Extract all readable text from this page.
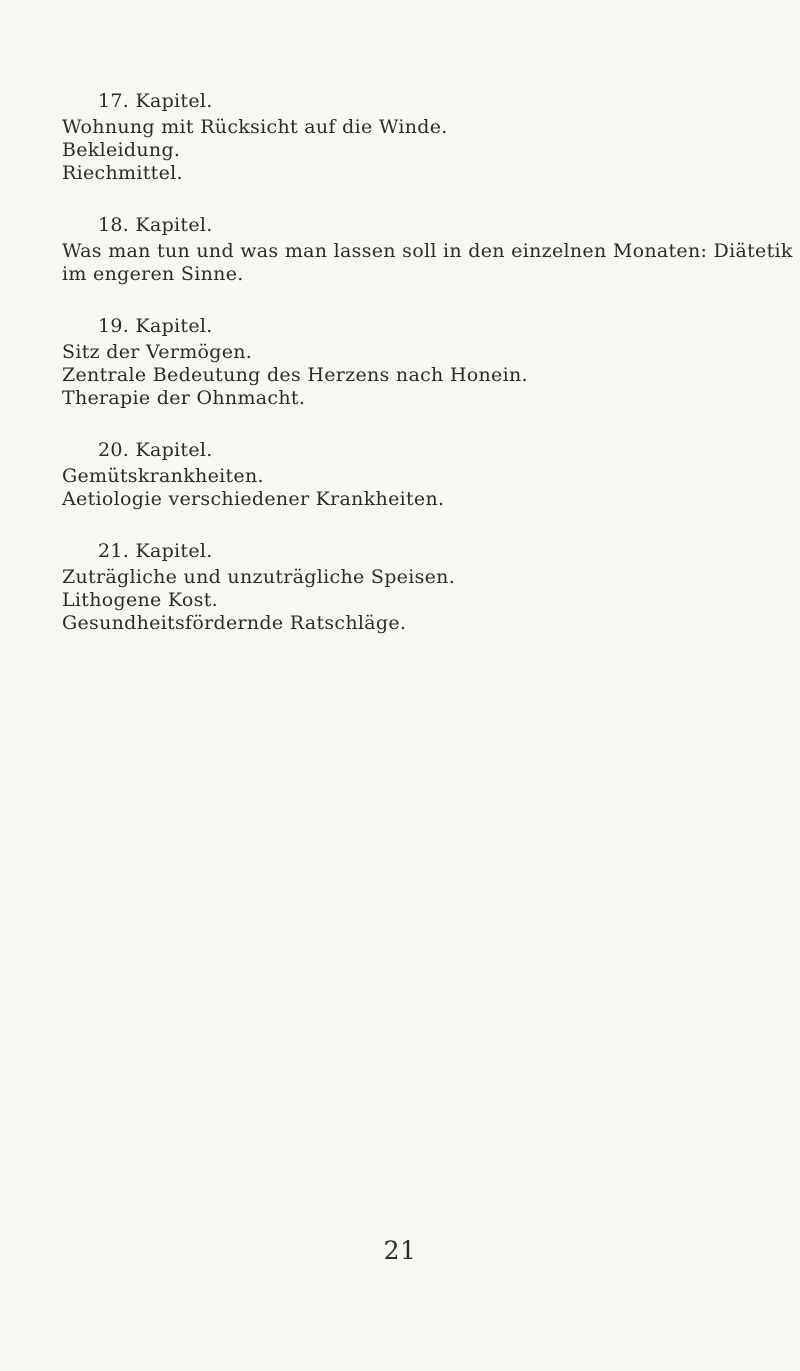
17. Kapitel.

Wohnung mit Rücksicht auf die Winde.

Bekleidung.

Riechmittel.

18. Kapitel.

Was man tun und was man lassen soll in den einzelnen Monaten: Diätetik

im engeren Sinne.

19. Kapitel.

Sitz der Vermögen.

Zentrale Bedeutung des Herzens nach Honein.

Therapie der Ohnmacht.

20. Kapitel.

Gemütskrankheiten.

Aetiologie verschiedener Krankheiten.

21. Kapitel.

Zuträgliche und unzuträgliche Speisen.

Lithogene Kost.

Gesundheitsfördernde Ratschläge.

21
